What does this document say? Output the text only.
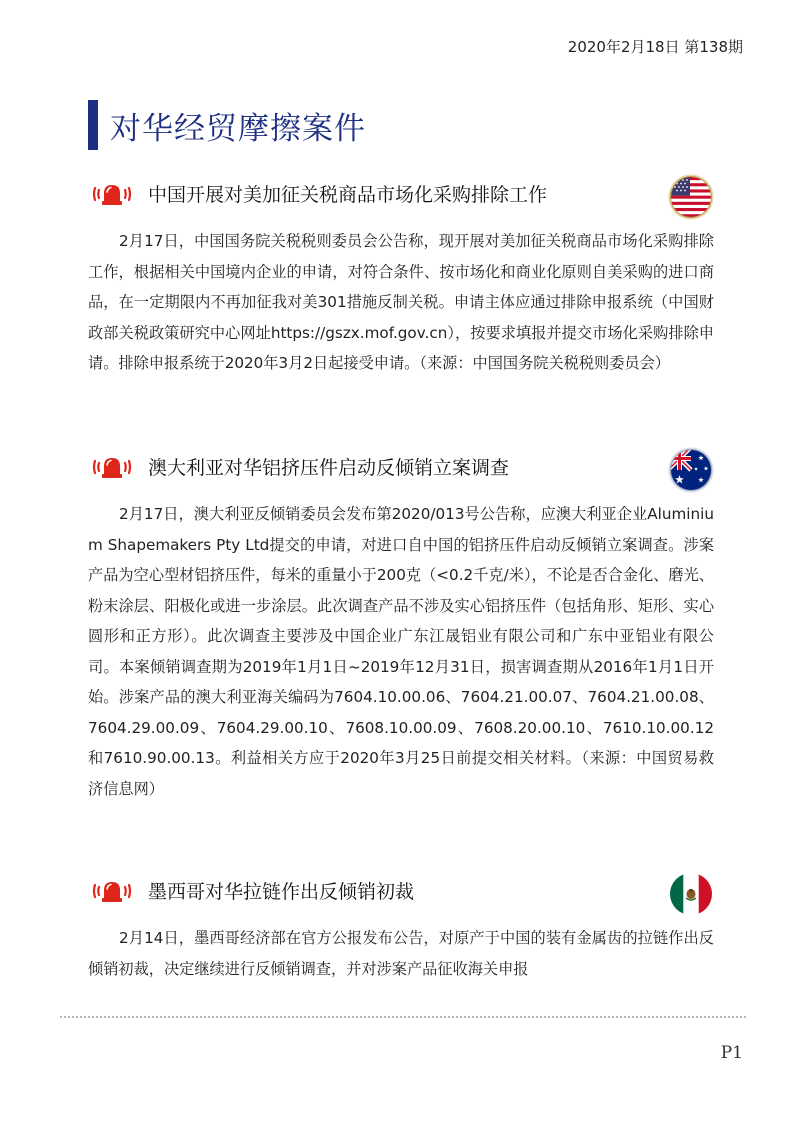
2020年2月18日 第138期
对华经贸摩擦案件
中国开展对美加征关税商品市场化采购排除工作
2月17日，中国国务院关税税则委员会公告称，现开展对美加征关税商品市场化采购排除工作，根据相关中国境内企业的申请，对符合条件、按市场化和商业化原则自美采购的进口商品，在一定期限内不再加征我对美301措施反制关税。申请主体应通过排除申报系统（中国财政部关税政策研究中心网址https://gszx.mof.gov.cn），按要求填报并提交市场化采购排除申请。排除申报系统于2020年3月2日起接受申请。（来源：中国国务院关税税则委员会）
澳大利亚对华铝挤压件启动反倾销立案调查
2月17日，澳大利亚反倾销委员会发布第2020/013号公告称，应澳大利亚企业Aluminium Shapemakers Pty Ltd提交的申请，对进口自中国的铝挤压件启动反倾销立案调查。涉案产品为空心型材铝挤压件，每米的重量小于200克（<0.2千克/米），不论是否合金化、磨光、粉末涂层、阳极化或进一步涂层。此次调查产品不涉及实心铝挤压件（包括角形、矩形、实心圆形和正方形）。此次调查主要涉及中国企业广东江晟铝业有限公司和广东中亚铝业有限公司。本案倾销调查期为2019年1月1日~2019年12月31日，损害调查期从2016年1月1日开始。涉案产品的澳大利亚海关编码为7604.10.00.06、7604.21.00.07、7604.21.00.08、7604.29.00.09、7604.29.00.10、7608.10.00.09、7608.20.00.10、7610.10.00.12和7610.90.00.13。利益相关方应于2020年3月25日前提交相关材料。（来源：中国贸易救济信息网）
墨西哥对华拉链作出反倾销初裁
2月14日，墨西哥经济部在官方公报发布公告，对原产于中国的装有金属齿的拉链作出反倾销初裁，决定继续进行反倾销调查，并对涉案产品征收海关申报
P1
